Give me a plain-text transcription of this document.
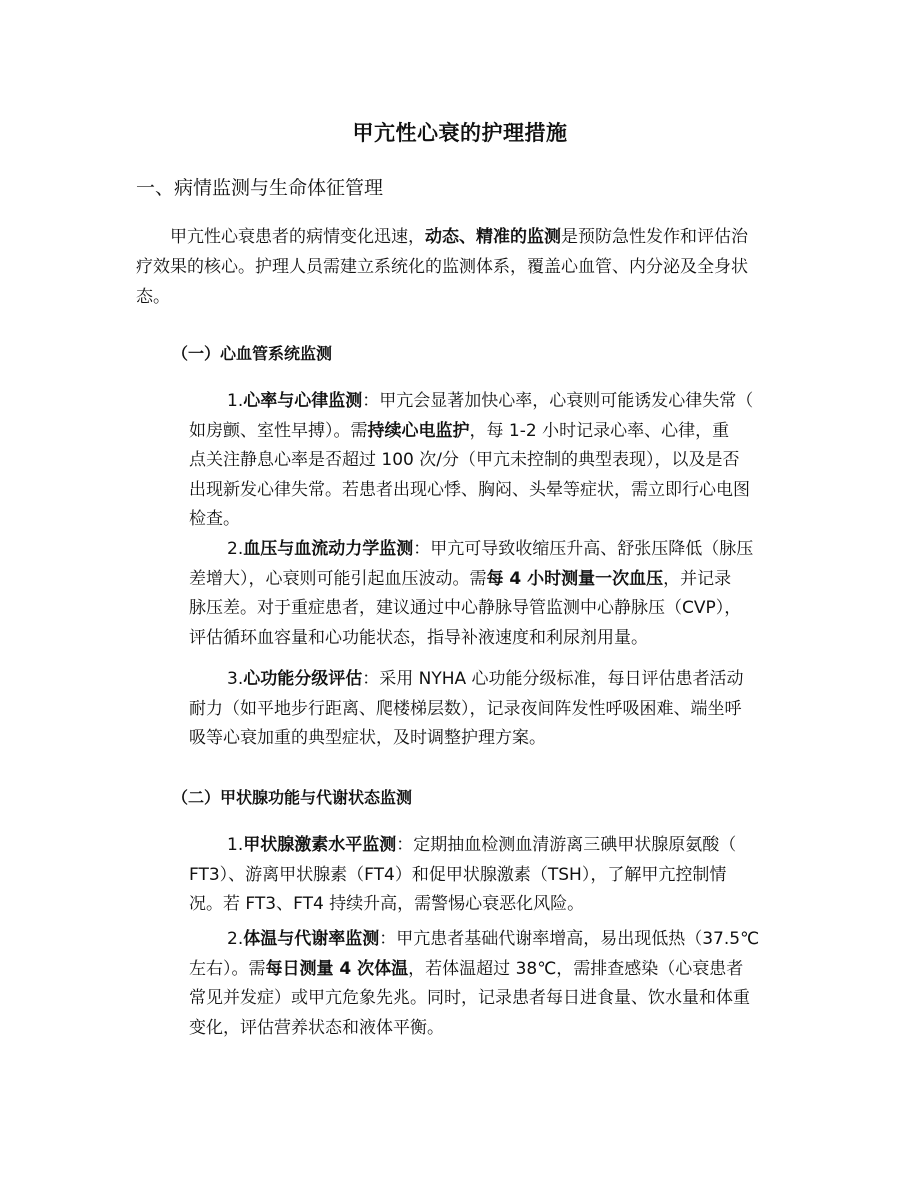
甲亢性心衰的护理措施
一、病情监测与生命体征管理

甲亢性心衰患者的病情变化迅速，动态、精准的监测是预防急性发作和评估治
疗效果的核心。护理人员需建立系统化的监测体系，覆盖心血管、内分泌及全身状
态。

（一）心血管系统监测
1.心率与心律监测：甲亢会显著加快心率，心衰则可能诱发心律失常（
如房颤、室性早搏）。需持续心电监护，每 1-2 小时记录心率、心律，重
点关注静息心率是否超过 100 次/分（甲亢未控制的典型表现），以及是否
出现新发心律失常。若患者出现心悸、胸闷、头晕等症状，需立即行心电图
检查。
2.血压与血流动力学监测：甲亢可导致收缩压升高、舒张压降低（脉压
差增大），心衰则可能引起血压波动。需每 4 小时测量一次血压，并记录
脉压差。对于重症患者，建议通过中心静脉导管监测中心静脉压（CVP），
评估循环血容量和心功能状态，指导补液速度和利尿剂用量。
3.心功能分级评估：采用 NYHA 心功能分级标准，每日评估患者活动
耐力（如平地步行距离、爬楼梯层数），记录夜间阵发性呼吸困难、端坐呼
吸等心衰加重的典型症状，及时调整护理方案。
（二）甲状腺功能与代谢状态监测
1.甲状腺激素水平监测：定期抽血检测血清游离三碘甲状腺原氨酸（
FT3）、游离甲状腺素（FT4）和促甲状腺激素（TSH），了解甲亢控制情
况。若 FT3、FT4 持续升高，需警惕心衰恶化风险。
2.体温与代谢率监测：甲亢患者基础代谢率增高，易出现低热（37.5℃
左右）。需每日测量 4 次体温，若体温超过 38℃，需排查感染（心衰患者
常见并发症）或甲亢危象先兆。同时，记录患者每日进食量、饮水量和体重
变化，评估营养状态和液体平衡。
